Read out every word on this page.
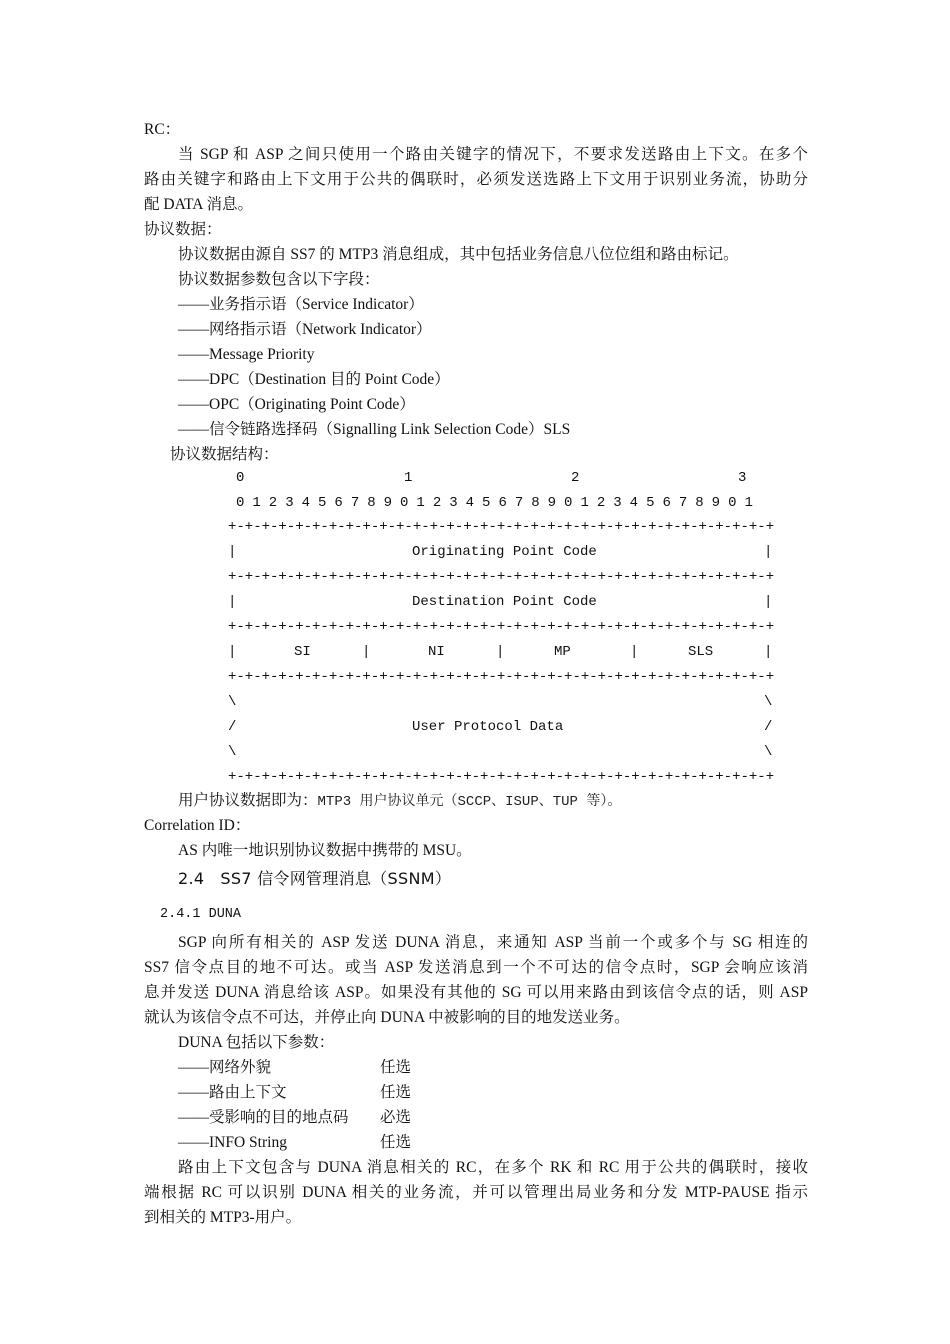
RC：
当 SGP 和 ASP 之间只使用一个路由关键字的情况下，不要求发送路由上下文。在多个
路由关键字和路由上下文用于公共的偶联时，必须发送选路上下文用于识别业务流，协助分
配 DATA 消息。
协议数据：
协议数据由源自 SS7 的 MTP3 消息组成，其中包括业务信息八位位组和路由标记。
协议数据参数包含以下字段：
——业务指示语（Service Indicator）
——网络指示语（Network Indicator）
——Message Priority
——DPC（Destination 目的 Point Code）
——OPC（Originating Point Code）
——信令链路选择码（Signalling Link Selection Code）SLS
协议数据结构：
0	1	2	3
0 1 2 3 4 5 6 7 8 9 0 1 2 3 4 5 6 7 8 9 0 1 2 3 4 5 6 7 8 9 0 1
+-+-+-+-+-+-+-+-+-+-+-+-+-+-+-+-+-+-+-+-+-+-+-+-+-+-+-+-+-+-+-+-+
|	Originating Point Code	|
+-+-+-+-+-+-+-+-+-+-+-+-+-+-+-+-+-+-+-+-+-+-+-+-+-+-+-+-+-+-+-+-+
|	Destination Point Code	|
+-+-+-+-+-+-+-+-+-+-+-+-+-+-+-+-+-+-+-+-+-+-+-+-+-+-+-+-+-+-+-+-+
|	SI	|	NI	|	MP	|	SLS	|
+-+-+-+-+-+-+-+-+-+-+-+-+-+-+-+-+-+-+-+-+-+-+-+-+-+-+-+-+-+-+-+-+
\	\
/	User Protocol Data	/
\	\
+-+-+-+-+-+-+-+-+-+-+-+-+-+-+-+-+-+-+-+-+-+-+-+-+-+-+-+-+-+-+-+-+
用户协议数据即为：MTP3 用户协议单元（SCCP、ISUP、TUP 等）。
Correlation ID：
AS 内唯一地识别协议数据中携带的 MSU。
2.4 SS7 信令网管理消息（SSNM）
2.4.1 DUNA
SGP 向所有相关的 ASP 发送 DUNA 消息，来通知 ASP 当前一个或多个与 SG 相连的
SS7 信令点目的地不可达。或当 ASP 发送消息到一个不可达的信令点时，SGP 会响应该消
息并发送 DUNA 消息给该 ASP。如果没有其他的 SG 可以用来路由到该信令点的话，则 ASP
就认为该信令点不可达，并停止向 DUNA 中被影响的目的地发送业务。
DUNA 包括以下参数：
——网络外貌	任选
——路由上下文	任选
——受影响的目的地点码 必选
——INFO String	任选
路由上下文包含与 DUNA 消息相关的 RC，在多个 RK 和 RC 用于公共的偶联时，接收
端根据 RC 可以识别 DUNA 相关的业务流，并可以管理出局业务和分发 MTP-PAUSE 指示
到相关的 MTP3-用户。
